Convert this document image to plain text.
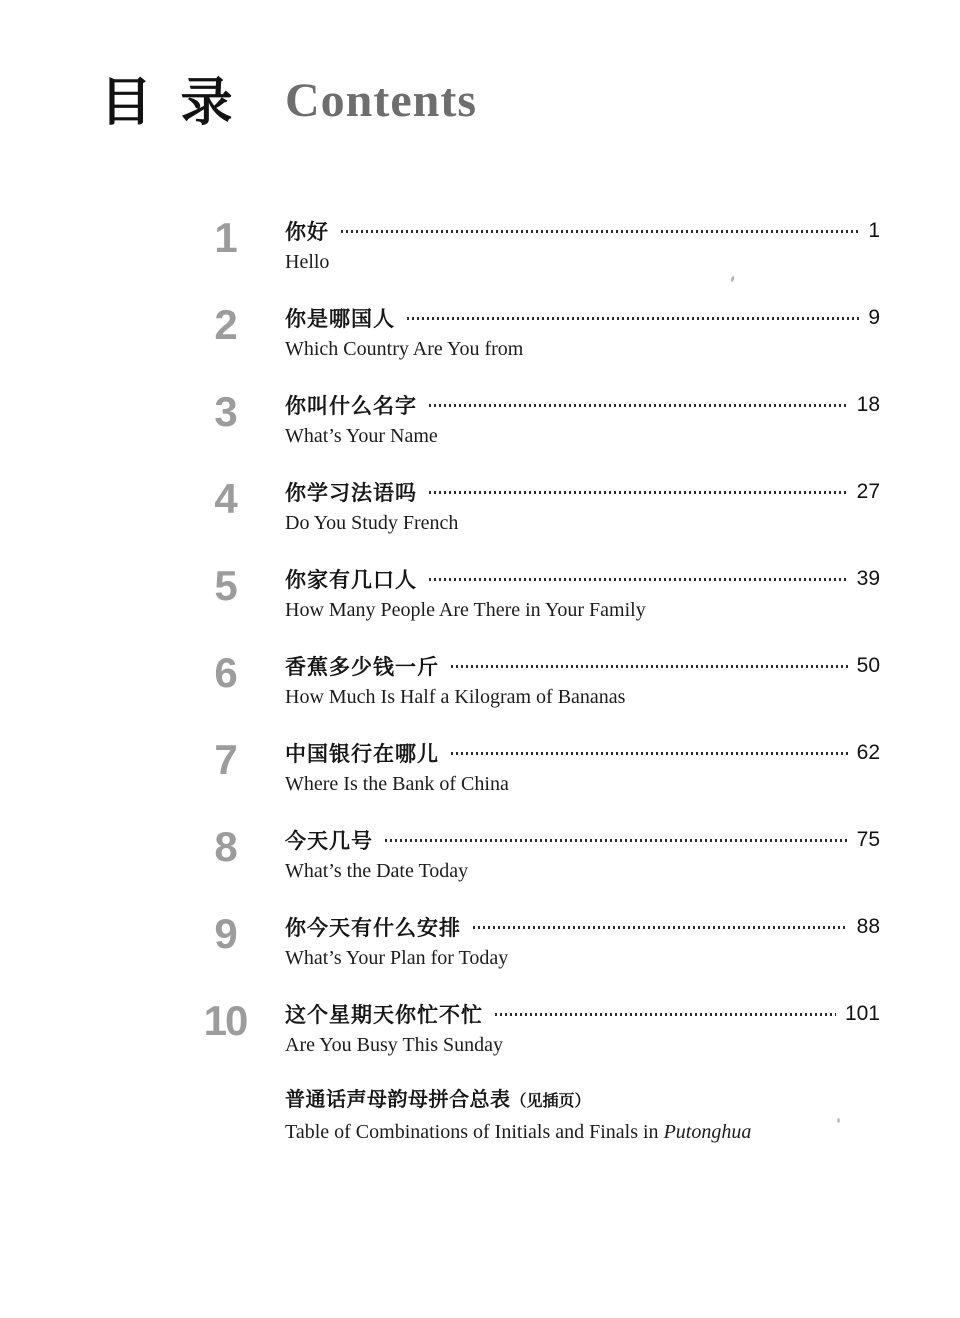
目 录 Contents
1	你好	1
Hello
2	你是哪国人	9
Which Country Are You from
3	你叫什么名字	18
What’s Your Name
4	你学习法语吗	27
Do You Study French
5	你家有几口人	39
How Many People Are There in Your Family
6	香蕉多少钱一斤	50
How Much Is Half a Kilogram of Bananas
7	中国银行在哪儿	62
Where Is the Bank of China
8	今天几号	75
What’s the Date Today
9	你今天有什么安排	88
What’s Your Plan for Today
10	这个星期天你忙不忙	101
Are You Busy This Sunday
普通话声母韵母拼合总表（见插页）
Table of Combinations of Initials and Finals in Putonghua
